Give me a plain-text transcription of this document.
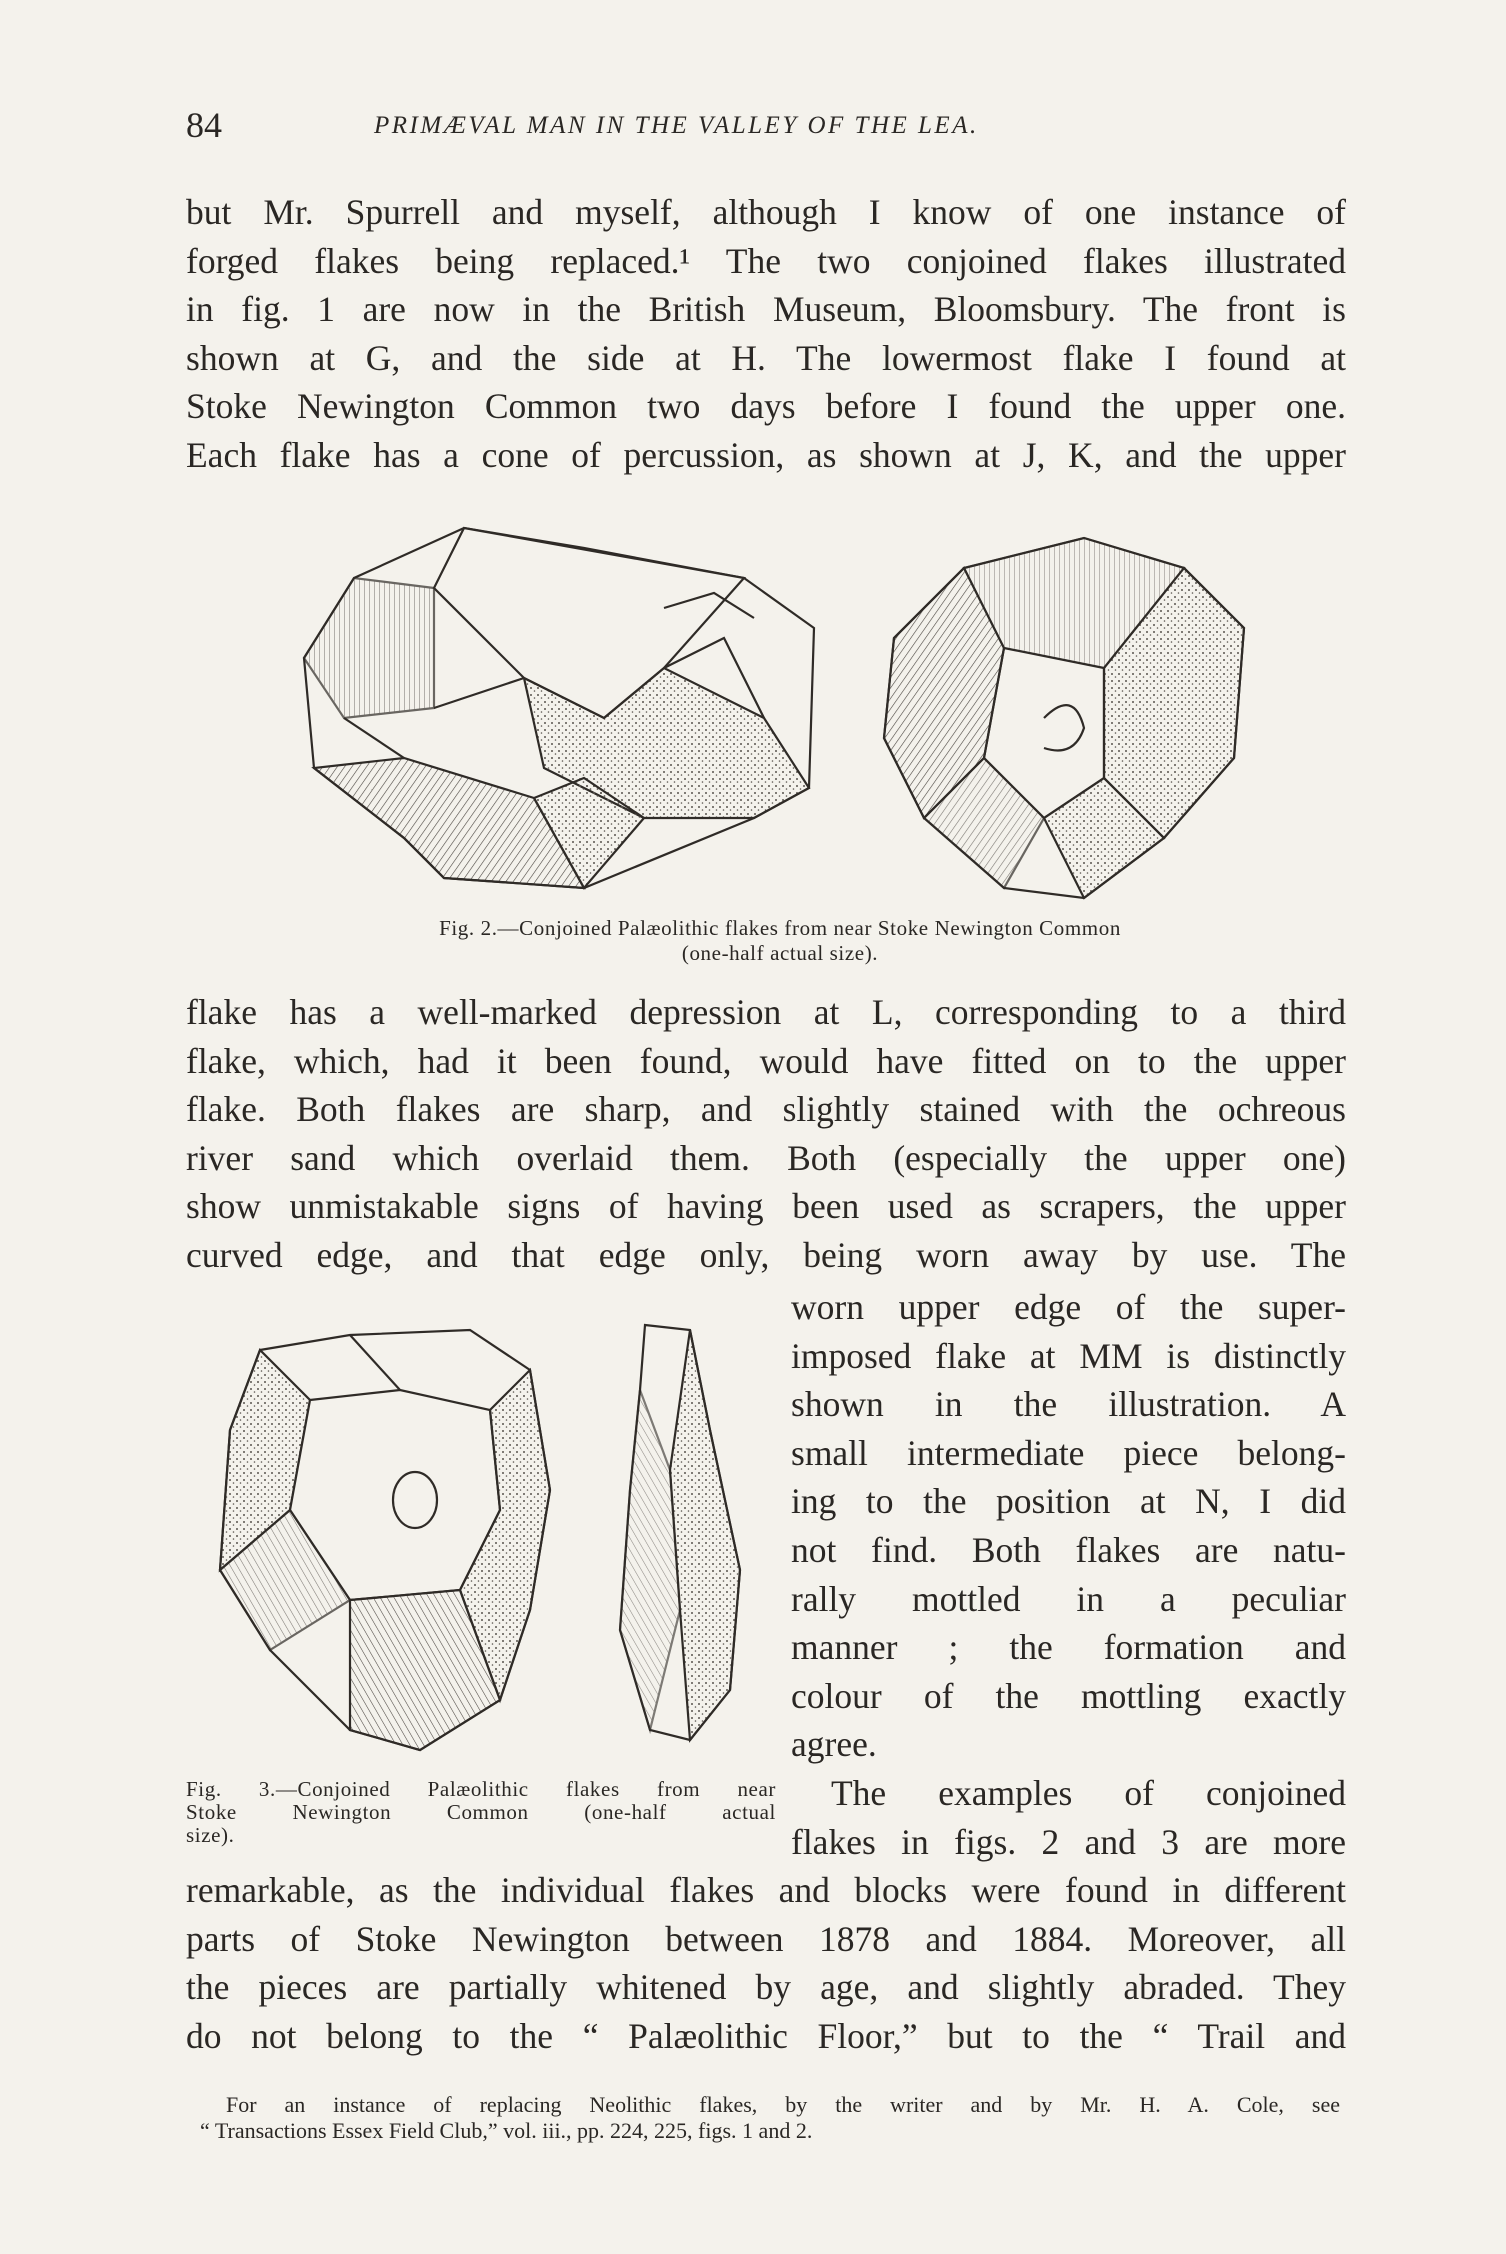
84	PRIMÆVAL MAN IN THE VALLEY OF THE LEA.
but Mr. Spurrell and myself, although I know of one instance of
forged flakes being replaced.¹ The two conjoined flakes illustrated
in fig. 1 are now in the British Museum, Bloomsbury. The front is
shown at G, and the side at H. The lowermost flake I found at
Stoke Newington Common two days before I found the upper one.
Each flake has a cone of percussion, as shown at J, K, and the upper
Fig. 2.—Conjoined Palæolithic flakes from near Stoke Newington Common
(one-half actual size).
flake has a well-marked depression at L, corresponding to a third
flake, which, had it been found, would have fitted on to the upper
flake. Both flakes are sharp, and slightly stained with the ochreous
river sand which overlaid them. Both (especially the upper one)
show unmistakable signs of having been used as scrapers, the upper
curved edge, and that edge only, being worn away by use. The
Fig. 3.—Conjoined Palæolithic flakes from near
Stoke Newington Common (one-half actual
size).
worn upper edge of the super-
imposed flake at MM is distinctly
shown in the illustration. A
small intermediate piece belong-
ing to the position at N, I did
not find. Both flakes are natu-
rally mottled in a peculiar
manner ; the formation and
colour of the mottling exactly
agree.
The examples of conjoined
flakes in figs. 2 and 3 are more
remarkable, as the individual flakes and blocks were found in different
parts of Stoke Newington between 1878 and 1884. Moreover, all
the pieces are partially whitened by age, and slightly abraded. They
do not belong to the “ Palæolithic Floor,” but to the “ Trail and
For an instance of replacing Neolithic flakes, by the writer and by Mr. H. A. Cole, see
“ Transactions Essex Field Club,” vol. iii., pp. 224, 225, figs. 1 and 2.
